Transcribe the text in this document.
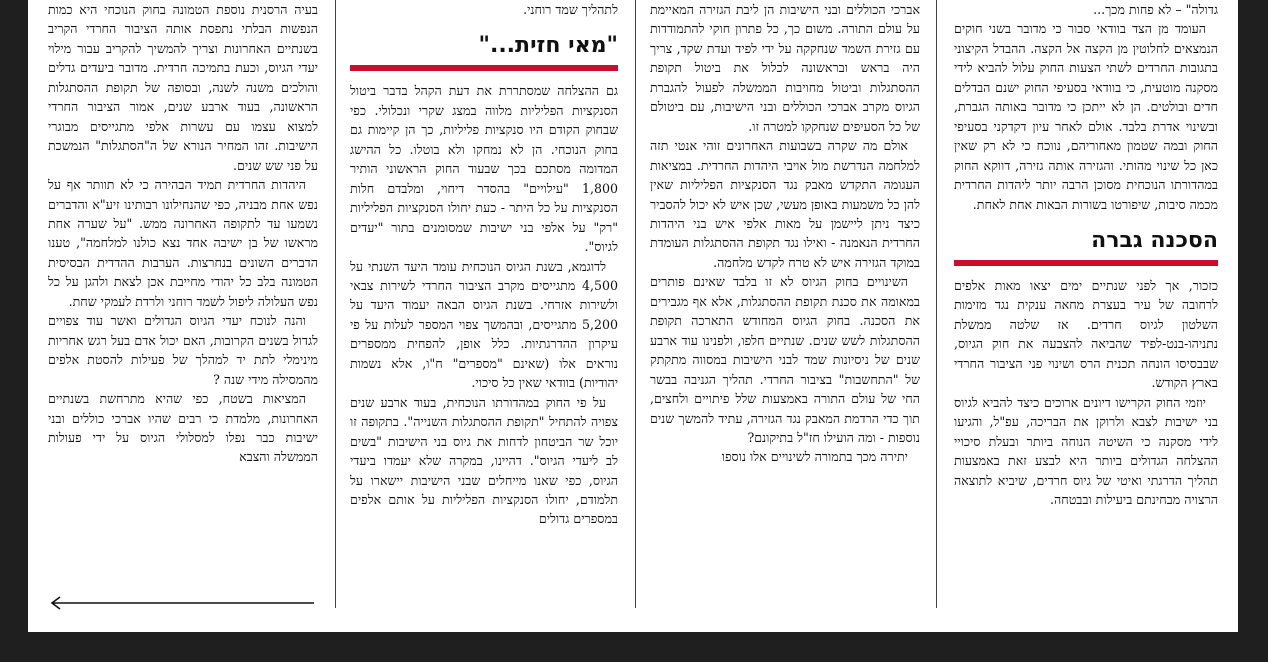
גדולה" – לא פחות מכך...

העומד מן הצד בוודאי סבור כי מדובר בשני חוקים הנמצאים לחלוטין מן הקצה אל הקצה. ההבדל הקיצוני בתגובות החרדים לשתי הצעות החוק עלול להביא לידי מסקנה מוטעית, כי בוודאי בסעיפי החוק ישנם הבדלים חדים ובולטים. הן לא ייתכן כי מדובר באותה הגברת, ובשינוי אדרת בלבד. אולם לאחר עיון דקדקני בסעיפי החוק ובמה שטמון מאחוריהם, נווכח כי לא רק שאין כאן כל שינוי מהותי. והגזירה אותה גזירה, דווקא החוק במהדורתו הנוכחית מסוכן הרבה יותר ליהדות החרדית מכמה סיבות, שיפורטו בשורות הבאות אחת לאחת.

הסכנה גברה

כזכור, אך לפני שנתיים ימים יצאו מאות אלפים לרחובה של עיר בעצרת מחאה ענקית נגד מזימות השלטון לגיוס חרדים. אז שלטה ממשלת נתניהו-בנט-לפיד שהביאה להצבעה את חוק הגיוס, שבבסיסו הונחה תכנית הרס ושינוי פני הציבור החרדי בארץ הקודש.

יוזמי החוק הקרישו דיונים ארוכים כיצד להביא לגיוס בני ישיבות לצבא ולרוקן את הבריכה, עפ"ל, והגיעו לידי מסקנה כי השיטה הנוחה ביותר ובעלת סיכויי ההצלחה הגדולים ביותר היא לבצע זאת באמצעות תהליך הדרגתי ואיטי של גיוס חרדים, שיביא לתוצאה הרצויה מבחינתם ביעילות ובבטחה.

אברכי הכוללים ובני הישיבות הן ליבת הגזירה המאיימת על עולם התורה. משום כך, כל פתרון חוקי להתמודדות עם גזירת השמד שנחקקה על ידי לפיד ועדת שקד, צריך היה בראש ובראשונה לכלול את ביטול תקופת ההסתגלות וביטול מחויבות הממשלה לפעול להגברת הגיוס מקרב אברכי הכוללים ובני הישיבות, עם ביטולם של כל הסעיפים שנחקקו למטרה זו.

אולם מה שקרה בשבועות האחרונים זוהי אנטי תזה למלחמה הנדרשת מול אויבי היהדות החרדית. במציאות העגומה התקדש מאבק נגד הסנקציות הפליליות שאין להן כל משמעות באופן מעשי, שכן איש לא יכול להסביר כיצד ניתן ליישמן על מאות אלפי איש בני היהדות החרדית הנאמנה - ואילו נגד תקופת ההסתגלות העומדת במוקד הגזירה איש לא טרח לקדש מלחמה.

השינויים בחוק הגיוס לא זו בלבד שאינם פותרים במאומה את סכנת תקופת ההסתגלות, אלא אף מגבירים את הסכנה. בחוק הגיוס המחודש התארכה תקופת ההסתגלות לשש שנים. שנתיים חלפו, ולפנינו עוד ארבע שנים של ניסיונות שמד לבני הישיבות במסווה מתקתק של "התחשבות" בציבור החרדי. תהליך הגניבה בבשר החי של עולם התורה באמצעות שלל פיתויים ולחצים, תוך כדי הרדמת המאבק נגד הגזירה, עתיד להמשך שנים נוספות - ומה הועילו חז"ל בתיקונם?

יתירה מכך בתמורה לשינויים אלו נוספו

לתהליך שמד רוחני.

"מאי חזית..."

גם ההצלחה שמסתררת את דעת הקהל בדבר ביטול הסנקציות הפליליות מלווה במצג שקרי ונכלולי. כפי שבחוק הקודם היו סנקציות פליליות, כך הן קיימות גם בחוק הנוכחי. הן לא נמחקו ולא בוטלו. כל ההישג המדומה מסתכם בכך שבעוד החוק הראשוני הותיר 1,800 "עילויים" בהסדר דיחוי, ומלבדם חלות הסנקציות על כל היתר - כעת יחולו הסנקציות הפליליות "רק" על אלפי בני ישיבות שמסומנים בתור "יעדים לגיוס".

לדוגמא, בשנת הגיוס הנוכחית עומד היעד השנתי על 4,500 מתגייסים מקרב הציבור החרדי לשירות צבאי ולשירות אזרחי. בשנת הגיוס הבאה יעמוד היעד על 5,200 מתגייסים, ובהמשך צפוי המספר לעלות על פי עיקרון ההדרגתיות. כלל אופן, להפחית ממספרים נוראים אלו (שאינם "מספרים" ח"ו, אלא נשמות יהודיות) בוודאי שאין כל סיכוי.

על פי החוק במהדורתו הנוכחית, בעוד ארבע שנים צפויה להתחיל "תקופת ההסתגלות השנייה". בתקופה זו יוכל שר הביטחון לדחות את גיוס בני הישיבות "בשים לב ליעדי הגיוס". דהיינו, במקרה שלא יעמדו ביעדי הגיוס, כפי שאנו מייחלים שבני הישיבות יישארו על תלמודם, יחולו הסנקציות הפליליות על אותם אלפים במספרים גדולים

בעיה הרסנית נוספת הטמונה בחוק הנוכחי היא כמות הנפשות הבלתי נתפסת אותה הציבור החרדי הקריב בשנתיים האחרונות וצריך להמשיך להקריב עבור מילוי יעדי הגיוס, וכעת בתמיכה חרדית. מדובר ביעדים גדלים והולכים משנה לשנה, ובסופה של תקופת ההסתגלות הראשונה, בעוד ארבע שנים, אמור הציבור החרדי למצוא עצמו עם עשרות אלפי מתגייסים מבוגרי הישיבות. זהו המחיר הנורא של ה"הסתגלות" הנמשכת על פני שש שנים.

היהדות החרדית תמיד הבהירה כי לא תוותר אף על נפש אחת מבניה, כפי שהנחילונו רבותינו זיע"א והדברים נשמעו עד לתקופה האחרונה ממש. "על שערה אחת מראשו של בן ישיבה אחד נצא כולנו למלחמה", טענו הדברים השונים בנחרצות. הערבות ההדדית הבסיסית הטמונה בלב כל יהודי מחייבת אכן לצאת ולהגן על כל נפש העלולה ליפול לשמד רוחני ולרדת לעמקי שחת.

והנה לנוכח יעדי הגיוס הגדולים ואשר עוד צפויים לגדול בשנים הקרובות, האם יכול אדם בעל רגש אחריות מינימלי לתת יד למהלך של פעילות להסטת אלפים מהמסילה מידי שנה ?

המציאות בשטח, כפי שהיא מתרחשת בשנתיים האחרונות, מלמדת כי רבים שהיו אברכי כוללים ובני ישיבות כבר נפלו למסלולי הגיוס על ידי פעולות הממשלה והצבא
